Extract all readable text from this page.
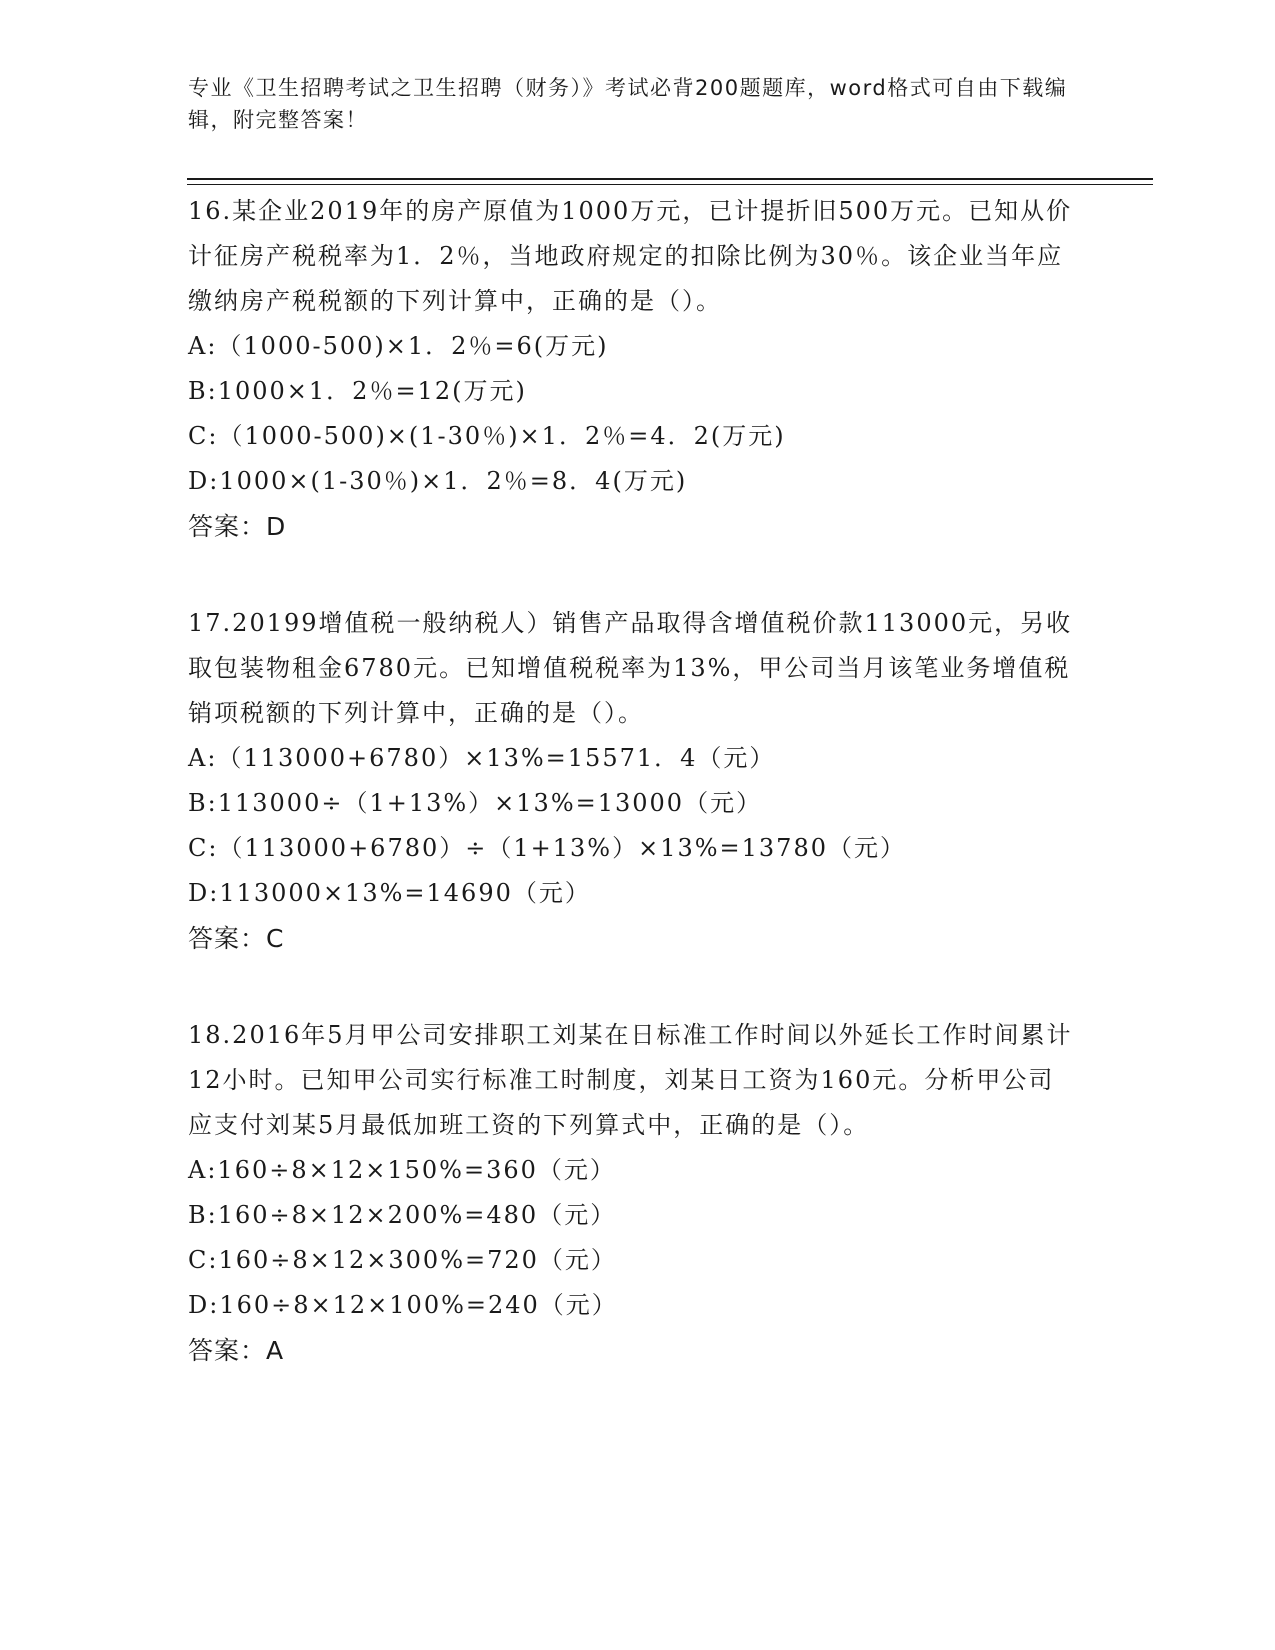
专业《卫生招聘考试之卫生招聘（财务）》考试必背200题题库，word格式可自由下载编辑，附完整答案！
16.某企业2019年的房产原值为1000万元，已计提折旧500万元。已知从价计征房产税税率为1．2％，当地政府规定的扣除比例为30％。该企业当年应缴纳房产税税额的下列计算中，正确的是（）。
A:（1000-500)×1．2％=6(万元)
B:1000×1．2％=12(万元)
C:（1000-500)×(1-30％)×1．2％=4．2(万元)
D:1000×(1-30％)×1．2％=8．4(万元)
答案：D
17.20199增值税一般纳税人）销售产品取得含增值税价款113000元，另收取包装物租金6780元。已知增值税税率为13%，甲公司当月该笔业务增值税销项税额的下列计算中，正确的是（）。
A:（113000+6780）×13%=15571．4（元）
B:113000÷（1+13%）×13%=13000（元）
C:（113000+6780）÷（1+13%）×13%=13780（元）
D:113000×13%=14690（元）
答案：C
18.2016年5月甲公司安排职工刘某在日标准工作时间以外延长工作时间累计12小时。已知甲公司实行标准工时制度，刘某日工资为160元。分析甲公司应支付刘某5月最低加班工资的下列算式中，正确的是（）。
A:160÷8×12×150%=360（元）
B:160÷8×12×200%=480（元）
C:160÷8×12×300%=720（元）
D:160÷8×12×100%=240（元）
答案：A
